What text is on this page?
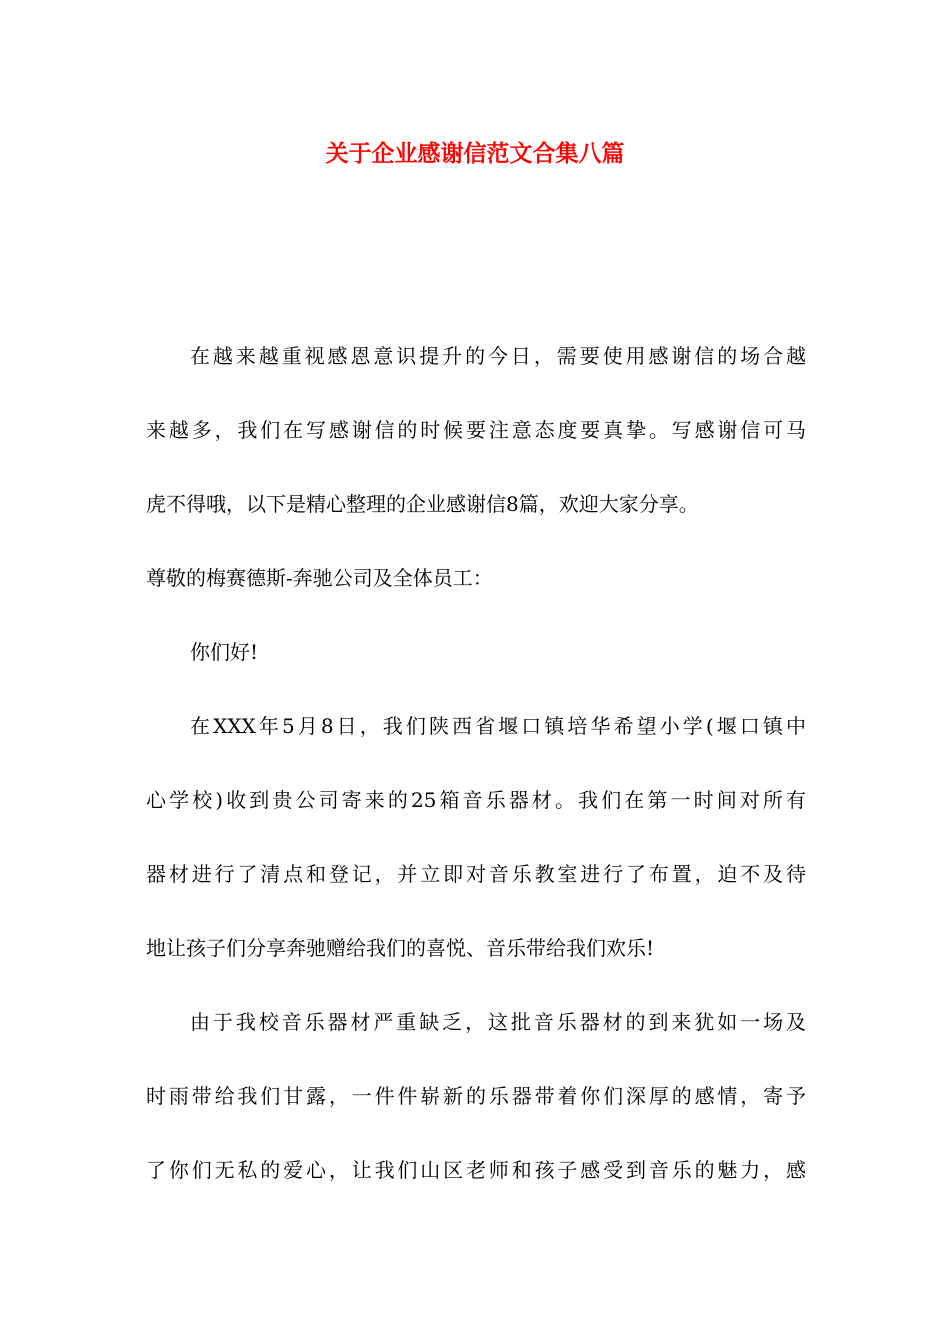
关于企业感谢信范文合集八篇

在越来越重视感恩意识提升的今日，需要使用感谢信的场合越
来越多，我们在写感谢信的时候要注意态度要真挚。写感谢信可马
虎不得哦，以下是精心整理的企业感谢信8篇，欢迎大家分享。

尊敬的梅赛德斯-奔驰公司及全体员工：

你们好!

在XXX年5月8日，我们陕西省堰口镇培华希望小学(堰口镇中
心学校)收到贵公司寄来的25箱音乐器材。我们在第一时间对所有
器材进行了清点和登记，并立即对音乐教室进行了布置，迫不及待
地让孩子们分享奔驰赠给我们的喜悦、音乐带给我们欢乐!

由于我校音乐器材严重缺乏，这批音乐器材的到来犹如一场及
时雨带给我们甘露，一件件崭新的乐器带着你们深厚的感情，寄予
了你们无私的爱心，让我们山区老师和孩子感受到音乐的魅力，感
